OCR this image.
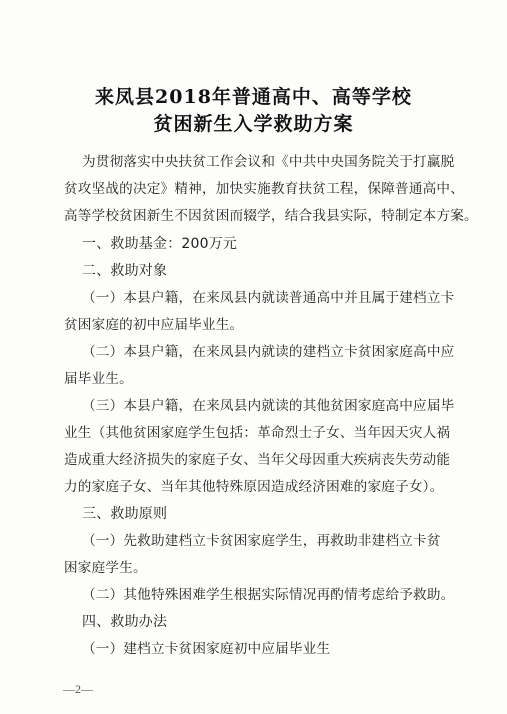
来凤县2018年普通高中、高等学校
贫困新生入学救助方案
为贯彻落实中央扶贫工作会议和《中共中央国务院关于打赢脱
贫攻坚战的决定》精神，加快实施教育扶贫工程，保障普通高中、
高等学校贫困新生不因贫困而辍学，结合我县实际，特制定本方案。
一、救助基金：200万元
二、救助对象
（一）本县户籍，在来凤县内就读普通高中并且属于建档立卡
贫困家庭的初中应届毕业生。
（二）本县户籍，在来凤县内就读的建档立卡贫困家庭高中应
届毕业生。
（三）本县户籍，在来凤县内就读的其他贫困家庭高中应届毕
业生（其他贫困家庭学生包括：革命烈士子女、当年因天灾人祸
造成重大经济损失的家庭子女、当年父母因重大疾病丧失劳动能
力的家庭子女、当年其他特殊原因造成经济困难的家庭子女）。
三、救助原则
（一）先救助建档立卡贫困家庭学生，再救助非建档立卡贫
困家庭学生。
（二）其他特殊困难学生根据实际情况再酌情考虑给予救助。
四、救助办法
（一）建档立卡贫困家庭初中应届毕业生
—2—
